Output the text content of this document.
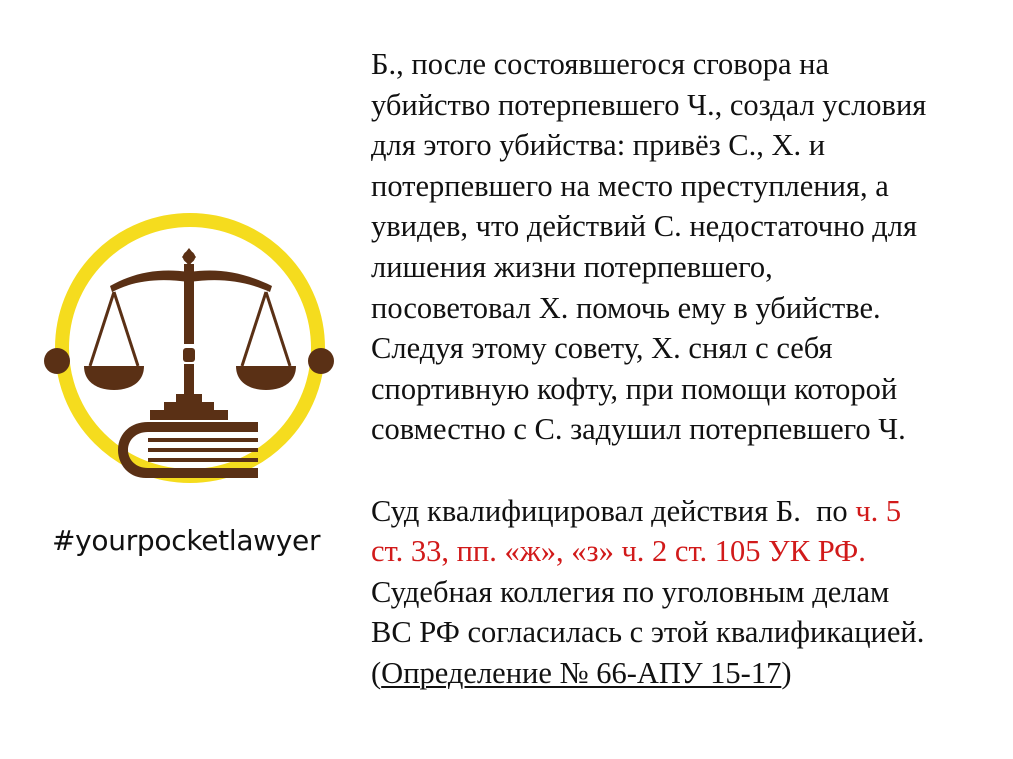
#yourpocketlawyer
Б., после состоявшегося сговора на
убийство потерпевшего Ч., создал условия
для этого убийства: привёз С., Х. и
потерпевшего на место преступления, а
увидев, что действий С. недостаточно для
лишения жизни потерпевшего,
посоветовал Х. помочь ему в убийстве.
Следуя этому совету, Х. снял с себя
спортивную кофту, при помощи которой
совместно с С. задушил потерпевшего Ч.
Суд квалифицировал действия Б.  по ч. 5
ст. 33, пп. «ж», «з» ч. 2 ст. 105 УК РФ.
Судебная коллегия по уголовным делам
ВС РФ согласилась с этой квалификацией.
(Определение № 66-АПУ 15-17)
